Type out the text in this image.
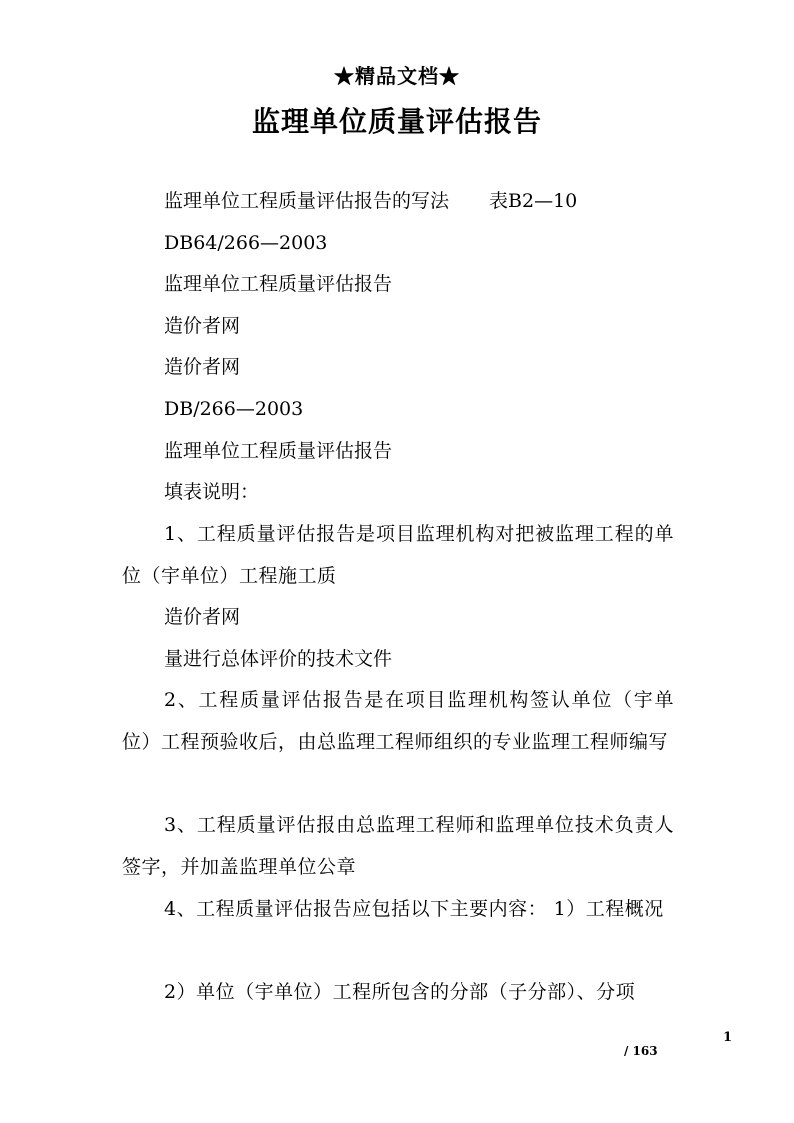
★精品文档★
监理单位质量评估报告
监理单位工程质量评估报告的写法 表B2—10
DB64/266—2003
监理单位工程质量评估报告
造价者网
造价者网
DB/266—2003
监理单位工程质量评估报告
填表说明：
1、工程质量评估报告是项目监理机构对把被监理工程的单位（宇单位）工程施工质
造价者网
量进行总体评价的技术文件
2、工程质量评估报告是在项目监理机构签认单位（宇单位）工程预验收后，由总监理工程师组织的专业监理工程师编写
3、工程质量评估报由总监理工程师和监理单位技术负责人签字，并加盖监理单位公章
4、工程质量评估报告应包括以下主要内容： 1）工程概况
2）单位（宇单位）工程所包含的分部（子分部）、分项
1
/ 163
